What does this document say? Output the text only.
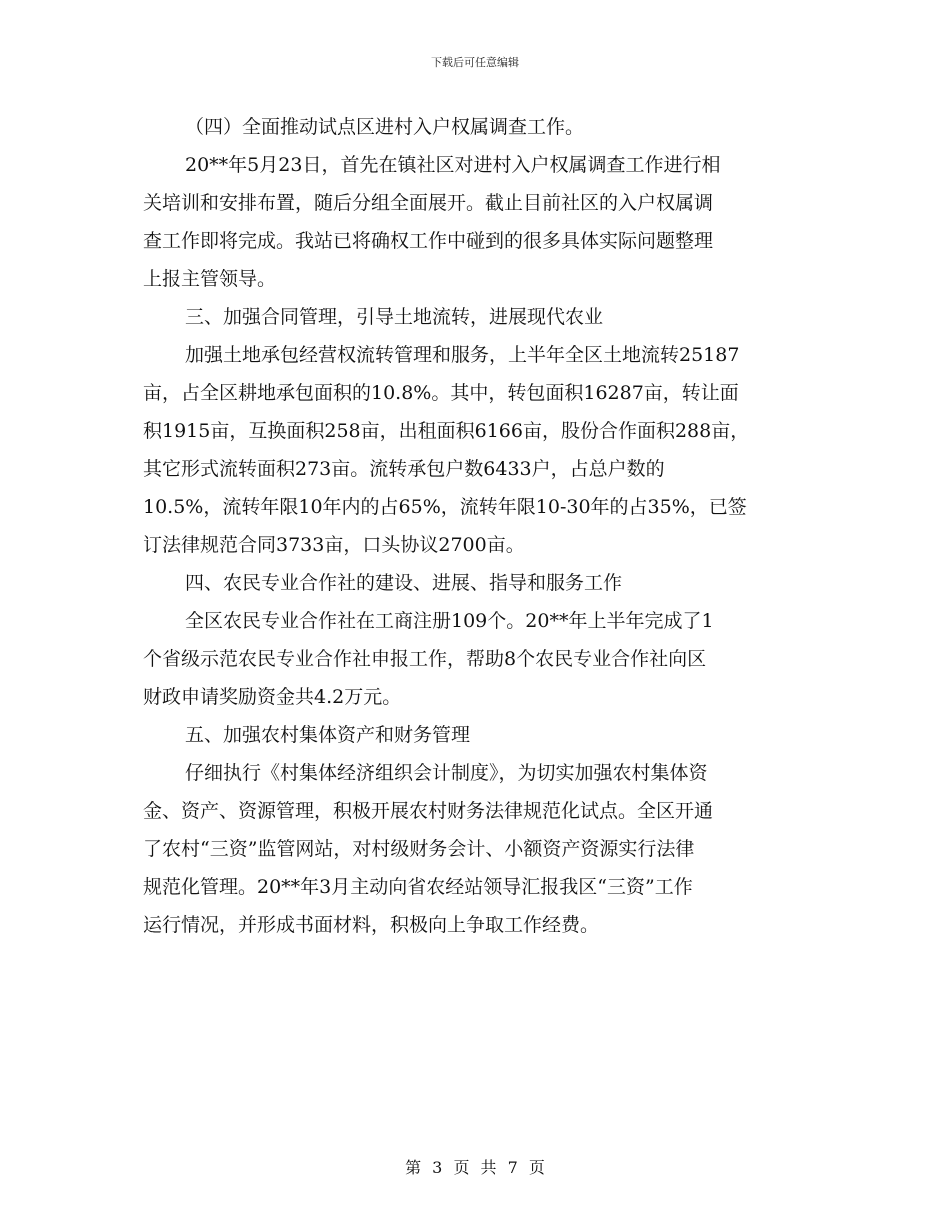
下载后可任意编辑
（四）全面推动试点区进村入户权属调查工作。
20**年5月23日，首先在镇社区对进村入户权属调查工作进行相
关培训和安排布置，随后分组全面展开。截止目前社区的入户权属调
查工作即将完成。我站已将确权工作中碰到的很多具体实际问题整理
上报主管领导。
三、加强合同管理，引导土地流转，进展现代农业
加强土地承包经营权流转管理和服务，上半年全区土地流转25187
亩，占全区耕地承包面积的10.8%。其中，转包面积16287亩，转让面
积1915亩，互换面积258亩，出租面积6166亩，股份合作面积288亩，
其它形式流转面积273亩。流转承包户数6433户，占总户数的
10.5%，流转年限10年内的占65%，流转年限10-30年的占35%，已签
订法律规范合同3733亩，口头协议2700亩。
四、农民专业合作社的建设、进展、指导和服务工作
全区农民专业合作社在工商注册109个。20**年上半年完成了1
个省级示范农民专业合作社申报工作，帮助8个农民专业合作社向区
财政申请奖励资金共4.2万元。
五、加强农村集体资产和财务管理
仔细执行《村集体经济组织会计制度》，为切实加强农村集体资
金、资产、资源管理，积极开展农村财务法律规范化试点。全区开通
了农村“三资”监管网站，对村级财务会计、小额资产资源实行法律
规范化管理。20**年3月主动向省农经站领导汇报我区“三资”工作
运行情况，并形成书面材料，积极向上争取工作经费。
第 3 页 共 7 页
